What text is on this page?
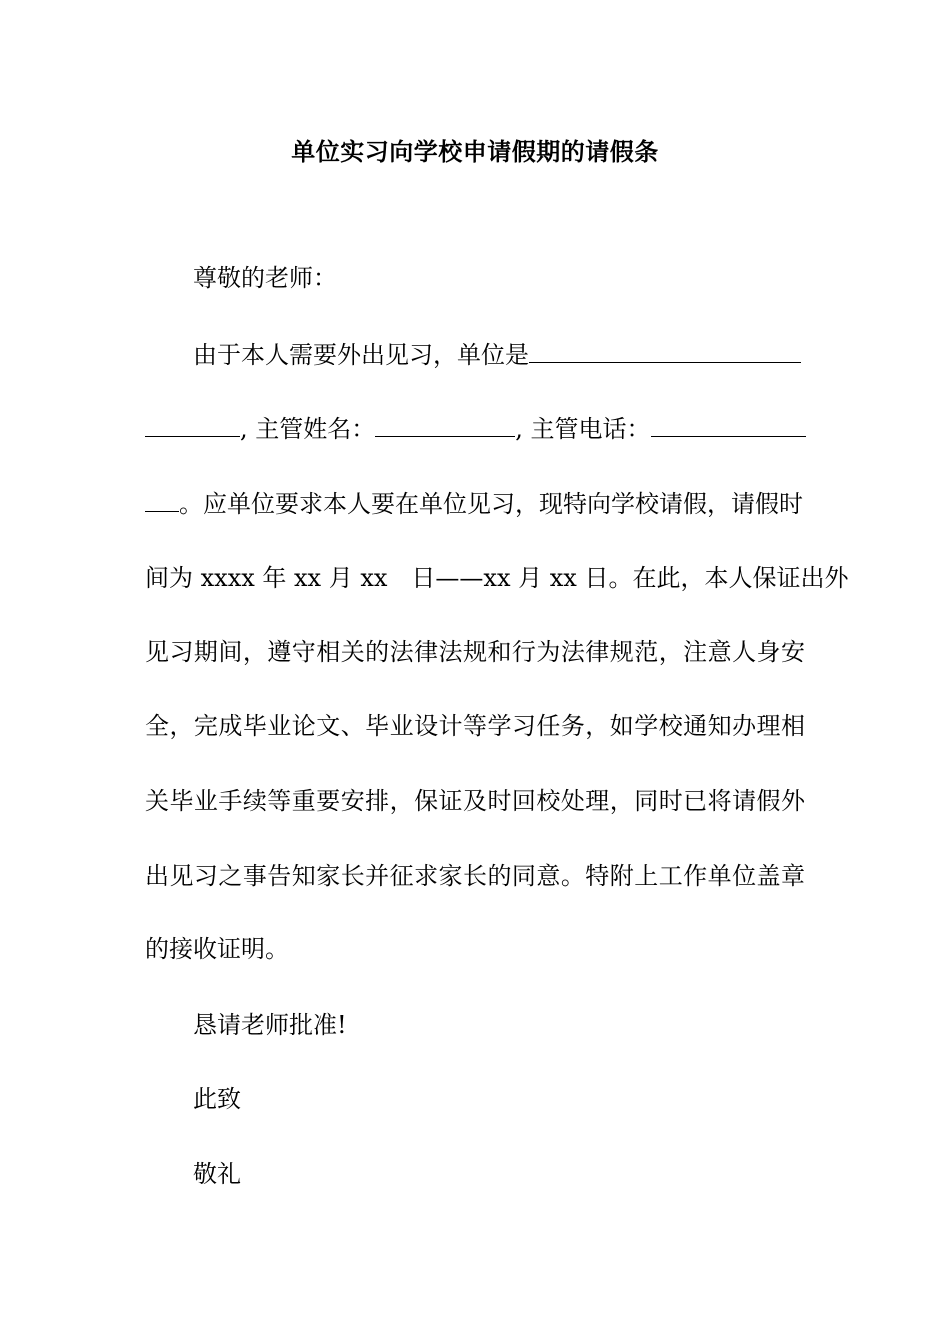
单位实习向学校申请假期的请假条
尊敬的老师：
由于本人需要外出见习，单位是
, 主管姓名：	, 主管电话：
。应单位要求本人要在单位见习，现特向学校请假，请假时
间为 xxxx 年 xx 月 xx　日——xx 月 xx 日。在此，本人保证出外
见习期间，遵守相关的法律法规和行为法律规范，注意人身安
全，完成毕业论文、毕业设计等学习任务，如学校通知办理相
关毕业手续等重要安排，保证及时回校处理，同时已将请假外
出见习之事告知家长并征求家长的同意。特附上工作单位盖章
的接收证明。
恳请老师批准!
此致
敬礼
